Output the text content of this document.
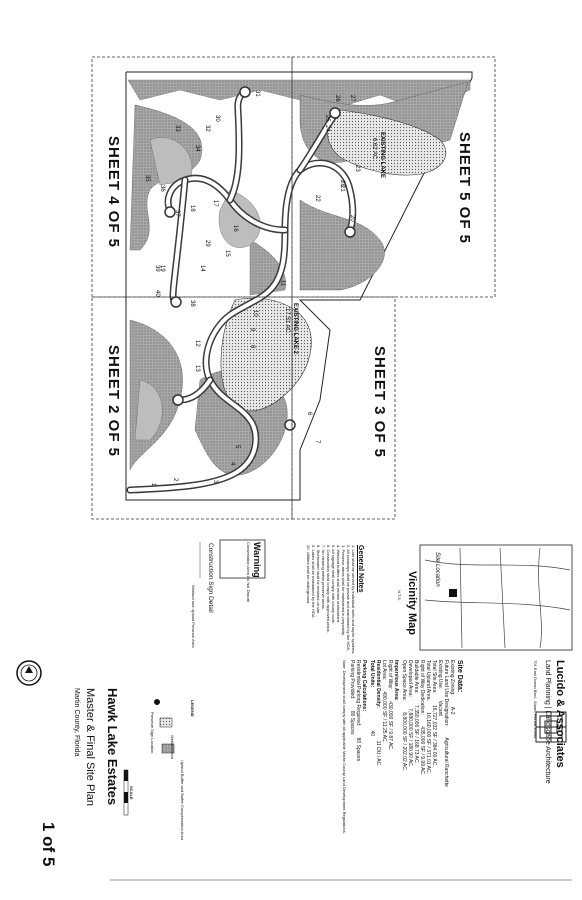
SHEET 5 OF 5
SHEET 4 OF 5
SHEET 3 OF 5
SHEET 2 OF 5
EXISTING LAKE
6.62 AC.
EXISTING LAKE 2
17.51 AC.
1
2
3
4
5
6
7
8
9
10
11
12
13
14
15
16
17
18
19
20
21
22
23
24
25
26 27
28
29
30
31
32
33
34
35
36
37
38
39
40
Vicinity Map
N.T.S.
Site Location
General Notes
1. Lots shall be served by individual wells and septic systems.
2. All roadways shall be private and maintained by the HOA.
3. Preserve areas shall be maintained in perpetuity.
4. Wetland buffers shall remain undisturbed.
5. All signage shall comply with county code.
6. Construction shall comply with approved plans.
7. No clearing within preserve areas.
8. Stormwater shall be retained on site.
9. Lakes shall be maintained by the HOA.
10. Utilities shall be underground.
Warning
Conservation Area Do Not Disturb
Construction Sign Detail
Wetland and Upland Preserve Area
Lucido & Associates
Land Planning | Landscape Architecture
701 East Ocean Blvd., Stuart, Florida 34994
Site Data:
Existing Zoning: A-2
Future Land Use Designation: Agricultural Ranchette
Existing Use: Vacant
Total Site Area: 16,727,032 SF / 384.00 AC.
Total Upland Area: 16,160,000 SF / 371.01 AC.
Right of Way Dedication: 435,000 SF / 9.99 AC.
Buildable Area: 7,350,000 SF / 168.73 AC.
Developed Area: 7,880,000 SF / 180.90 AC.
Open Space Area: 8,800,000 SF / 202.02 AC.
Impervious Area:
Right of Way: 430,000 SF / 9.87 AC.
Lot Area: 490,000 SF / 11.25 AC.
Residential Density: .11 DU / AC.
Total Units: 40
Parking Calculations:
Residential Parking Required: 80 Spaces
Parking Provided: 80 Spaces
Note: Development shall comply with all applicable Martin County Land Development Regulations.
LEGEND
Upland Buffer and Buffer Compensation Area
Wetland Area
Preserve Sign Location
SCALE
Hawk Lake Estates
Master & Final Site Plan
Martin County, Florida
1 of 5
